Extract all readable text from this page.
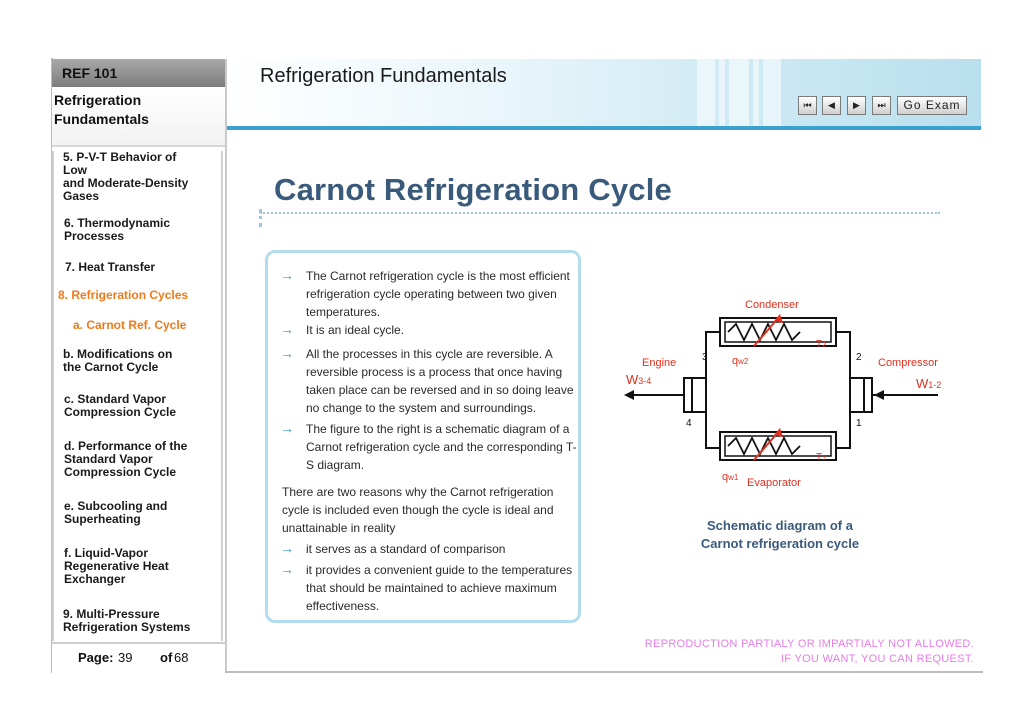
REF 101
Refrigeration
Fundamentals
5. P-V-T Behavior of
Low
and Moderate-Density
Gases
6. Thermodynamic
Processes
7. Heat Transfer
8. Refrigeration Cycles
a. Carnot Ref. Cycle
b. Modifications on
the Carnot Cycle
c. Standard Vapor
Compression Cycle
d. Performance of the
Standard Vapor
Compression Cycle
e. Subcooling and
Superheating
f. Liquid-Vapor
Regenerative Heat
Exchanger
9. Multi-Pressure
Refrigeration Systems
Page: 39 of 68
Refrigeration Fundamentals
⏮	◀	▶	⏭	Go Exam
Carnot Refrigeration Cycle
→ The Carnot refrigeration cycle is the most efficient
refrigeration cycle operating between two given
temperatures.
→ It is an ideal cycle.
→ All the processes in this cycle are reversible. A
reversible process is a process that once having
taken place can be reversed and in so doing leave
no change to the system and surroundings.
→ The figure to the right is a schematic diagram of a
Carnot refrigeration cycle and the corresponding T-
S diagram.
There are two reasons why the Carnot refrigeration
cycle is included even though the cycle is ideal and
unattainable in reality
→ it serves as a standard of comparison
→ it provides a convenient guide to the temperatures
that should be maintained to achieve maximum
effectiveness.
Condenser
Compressor
Engine
Evaporator
W3-4	W1-2
qw2
qw1
T2
T1
1
2
3
4
Schematic diagram of a
Carnot refrigeration cycle
REPRODUCTION PARTIALY OR IMPARTIALY NOT ALLOWED.
IF YOU WANT, YOU CAN REQUEST.
